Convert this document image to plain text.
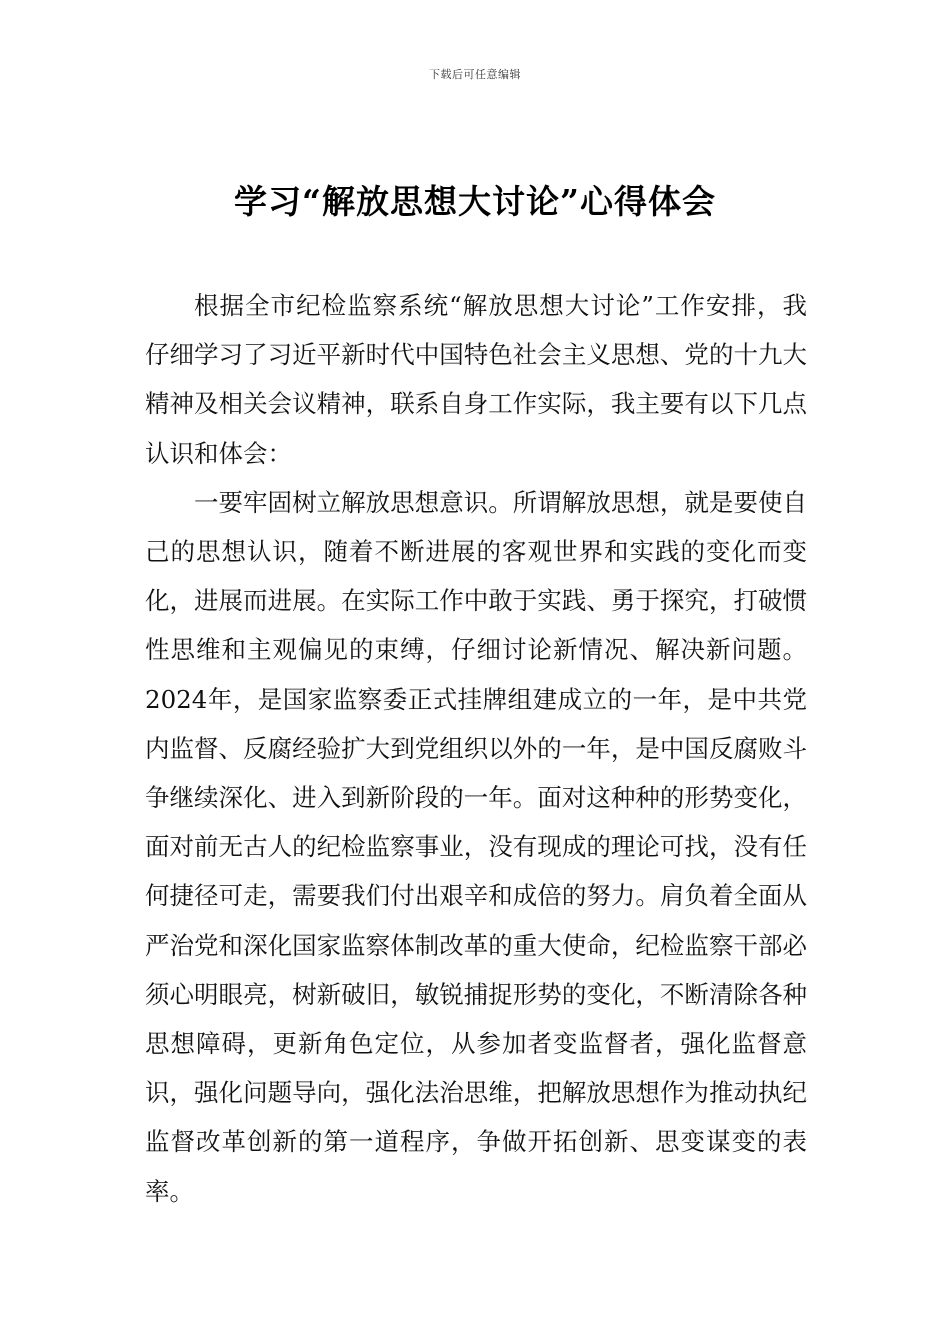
下载后可任意编辑
学习“解放思想大讨论”心得体会

根据全市纪检监察系统“解放思想大讨论”工作安排，我仔细学习了习近平新时代中国特色社会主义思想、党的十九大精神及相关会议精神，联系自身工作实际，我主要有以下几点认识和体会：

一要牢固树立解放思想意识。所谓解放思想，就是要使自己的思想认识，随着不断进展的客观世界和实践的变化而变化，进展而进展。在实际工作中敢于实践、勇于探究，打破惯性思维和主观偏见的束缚，仔细讨论新情况、解决新问题。2024年，是国家监察委正式挂牌组建成立的一年，是中共党内监督、反腐经验扩大到党组织以外的一年，是中国反腐败斗争继续深化、进入到新阶段的一年。面对这种种的形势变化，面对前无古人的纪检监察事业，没有现成的理论可找，没有任何捷径可走，需要我们付出艰辛和成倍的努力。肩负着全面从严治党和深化国家监察体制改革的重大使命，纪检监察干部必须心明眼亮，树新破旧，敏锐捕捉形势的变化，不断清除各种思想障碍，更新角色定位，从参加者变监督者，强化监督意识，强化问题导向，强化法治思维，把解放思想作为推动执纪监督改革创新的第一道程序，争做开拓创新、思变谋变的表率。
